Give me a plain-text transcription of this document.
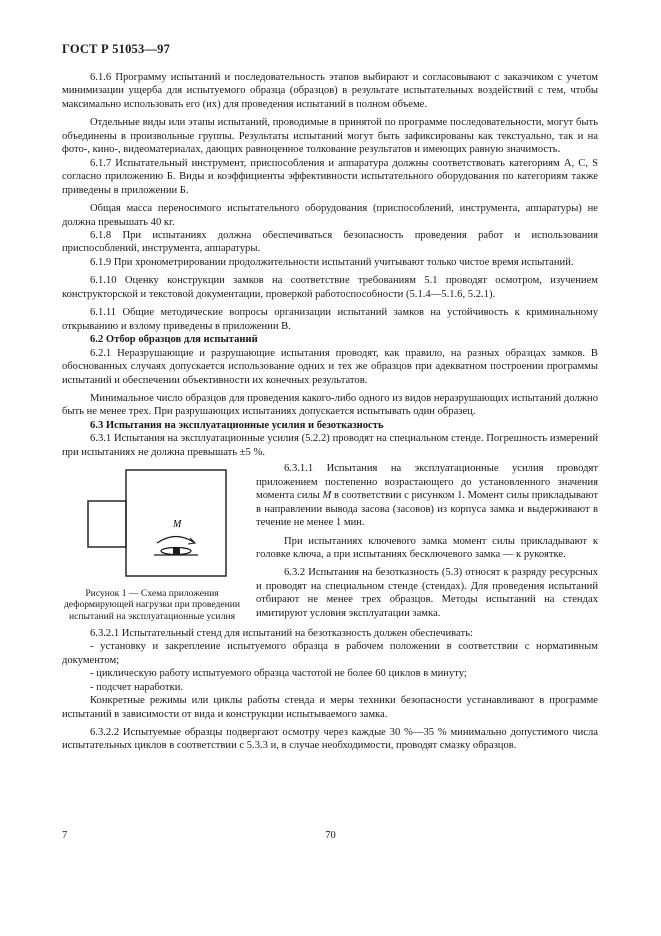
ГОСТ Р 51053—97

6.1.6 Программу испытаний и последовательность этапов выбирают и согласовывают с заказчиком с учетом минимизации ущерба для испытуемого образца (образцов) в результате испытательных воздействий с тем, чтобы максимально использовать его (их) для проведения испытаний в полном объеме.

Отдельные виды или этапы испытаний, проводимые в принятой по программе последовательности, могут быть объединены в произвольные группы. Результаты испытаний могут быть зафиксированы как текстуально, так и на фото-, кино-, видеоматериалах, дающих равноценное толкование результатов и имеющих равную значимость.

6.1.7 Испытательный инструмент, приспособления и аппаратура должны соответствовать категориям А, С, S согласно приложению Б. Виды и коэффициенты эффективности испытательного оборудования по категориям также приведены в приложении Б.

Общая масса переносимого испытательного оборудования (приспособлений, инструмента, аппаратуры) не должна превышать 40 кг.

6.1.8 При испытаниях должна обеспечиваться безопасность проведения работ и использования приспособлений, инструмента, аппаратуры.

6.1.9 При хронометрировании продолжительности испытаний учитывают только чистое время испытаний.

6.1.10 Оценку конструкции замков на соответствие требованиям 5.1 проводят осмотром, изучением конструкторской и текстовой документации, проверкой работоспособности (5.1.4—5.1.6, 5.2.1).

6.1.11 Общие методические вопросы организации испытаний замков на устойчивость к криминальному открыванию и взлому приведены в приложении В.

6.2 Отбор образцов для испытаний

6.2.1 Неразрушающие и разрушающие испытания проводят, как правило, на разных образцах замков. В обоснованных случаях допускается использование одних и тех же образцов при адекватном построении программы испытаний и обеспечении объективности их конечных результатов.

Минимальное число образцов для проведения какого-либо одного из видов неразрушающих испытаний должно быть не менее трех. При разрушающих испытаниях допускается испытывать один образец.

6.3 Испытания на эксплуатационные усилия и безотказность

6.3.1 Испытания на эксплуатационные усилия (5.2.2) проводят на специальном стенде. Погрешность измерений при испытаниях не должна превышать ±5 %.

М
Рисунок 1 — Схема приложения деформирующей нагрузки при проведении испытаний на эксплуатационные усилия

6.3.1.1 Испытания на эксплуатационные усилия проводят приложением постепенно возрастающего до установленного значения момента силы М в соответствии с рисунком 1. Момент силы прикладывают в направлении вывода засова (засовов) из корпуса замка и выдерживают в течение не менее 1 мин.

При испытаниях ключевого замка момент силы прикладывают к головке ключа, а при испытаниях бесключевого замка — к рукоятке.

6.3.2 Испытания на безотказность (5.3) относят к разряду ресурсных и проводят на специальном стенде (стендах). Для проведения испытаний отбирают не менее трех образцов. Методы испытаний на стендах имитируют условия эксплуатации замка.

6.3.2.1 Испытательный стенд для испытаний на безотказность должен обеспечивать:

- установку и закрепление испытуемого образца в рабочем положении в соответствии с нормативным документом;

- циклическую работу испытуемого образца частотой не более 60 циклов в минуту;

- подсчет наработки.

Конкретные режимы или циклы работы стенда и меры техники безопасности устанавливают в программе испытаний в зависимости от вида и конструкции испытываемого замка.

6.3.2.2 Испытуемые образцы подвергают осмотру через каждые 30 %—35 % минимально допустимого числа испытательных циклов в соответствии с 5.3.3 и, в случае необходимости, проводят смазку образцов.

7	70
